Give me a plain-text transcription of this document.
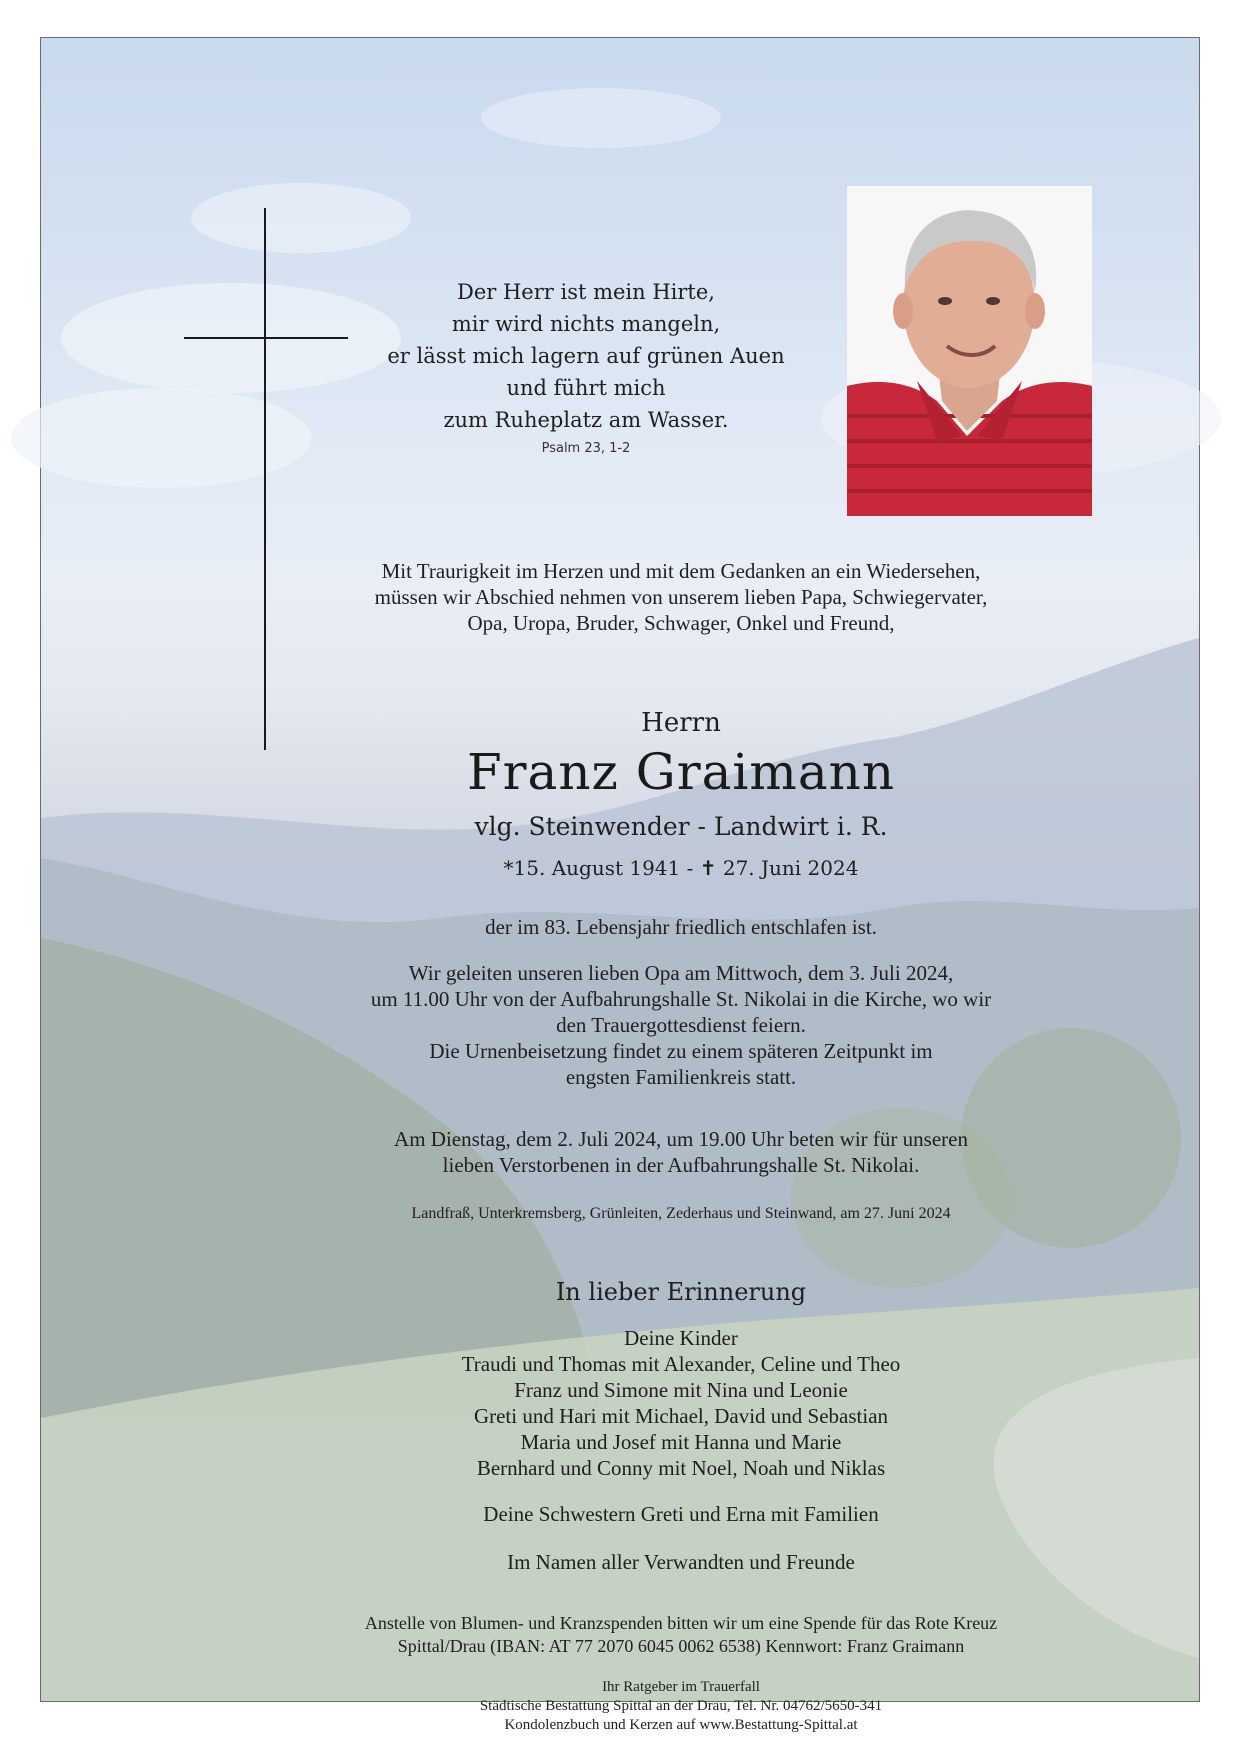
Der Herr ist mein Hirte,
mir wird nichts mangeln,
er lässt mich lagern auf grünen Auen
und führt mich
zum Ruheplatz am Wasser.
Psalm 23, 1-2
Mit Traurigkeit im Herzen und mit dem Gedanken an ein Wiedersehen,
müssen wir Abschied nehmen von unserem lieben Papa, Schwiegervater,
Opa, Uropa, Bruder, Schwager, Onkel und Freund,
Herrn
Franz Graimann
vlg. Steinwender - Landwirt i. R.
*15. August 1941 - ✝ 27. Juni 2024
der im 83. Lebensjahr friedlich entschlafen ist.
Wir geleiten unseren lieben Opa am Mittwoch, dem 3. Juli 2024,
um 11.00 Uhr von der Aufbahrungshalle St. Nikolai in die Kirche, wo wir
den Trauergottesdienst feiern.
Die Urnenbeisetzung findet zu einem späteren Zeitpunkt im
engsten Familienkreis statt.
Am Dienstag, dem 2. Juli 2024, um 19.00 Uhr beten wir für unseren
lieben Verstorbenen in der Aufbahrungshalle St. Nikolai.
Landfraß, Unterkremsberg, Grünleiten, Zederhaus und Steinwand, am 27. Juni 2024
In lieber Erinnerung
Deine Kinder
Traudi und Thomas mit Alexander, Celine und Theo
Franz und Simone mit Nina und Leonie
Greti und Hari mit Michael, David und Sebastian
Maria und Josef mit Hanna und Marie
Bernhard und Conny mit Noel, Noah und Niklas
Deine Schwestern Greti und Erna mit Familien
Im Namen aller Verwandten und Freunde
Anstelle von Blumen- und Kranzspenden bitten wir um eine Spende für das Rote Kreuz
Spittal/Drau (IBAN: AT 77 2070 6045 0062 6538) Kennwort: Franz Graimann
Ihr Ratgeber im Trauerfall
Städtische Bestattung Spittal an der Drau, Tel. Nr. 04762/5650-341
Kondolenzbuch und Kerzen auf www.Bestattung-Spittal.at
